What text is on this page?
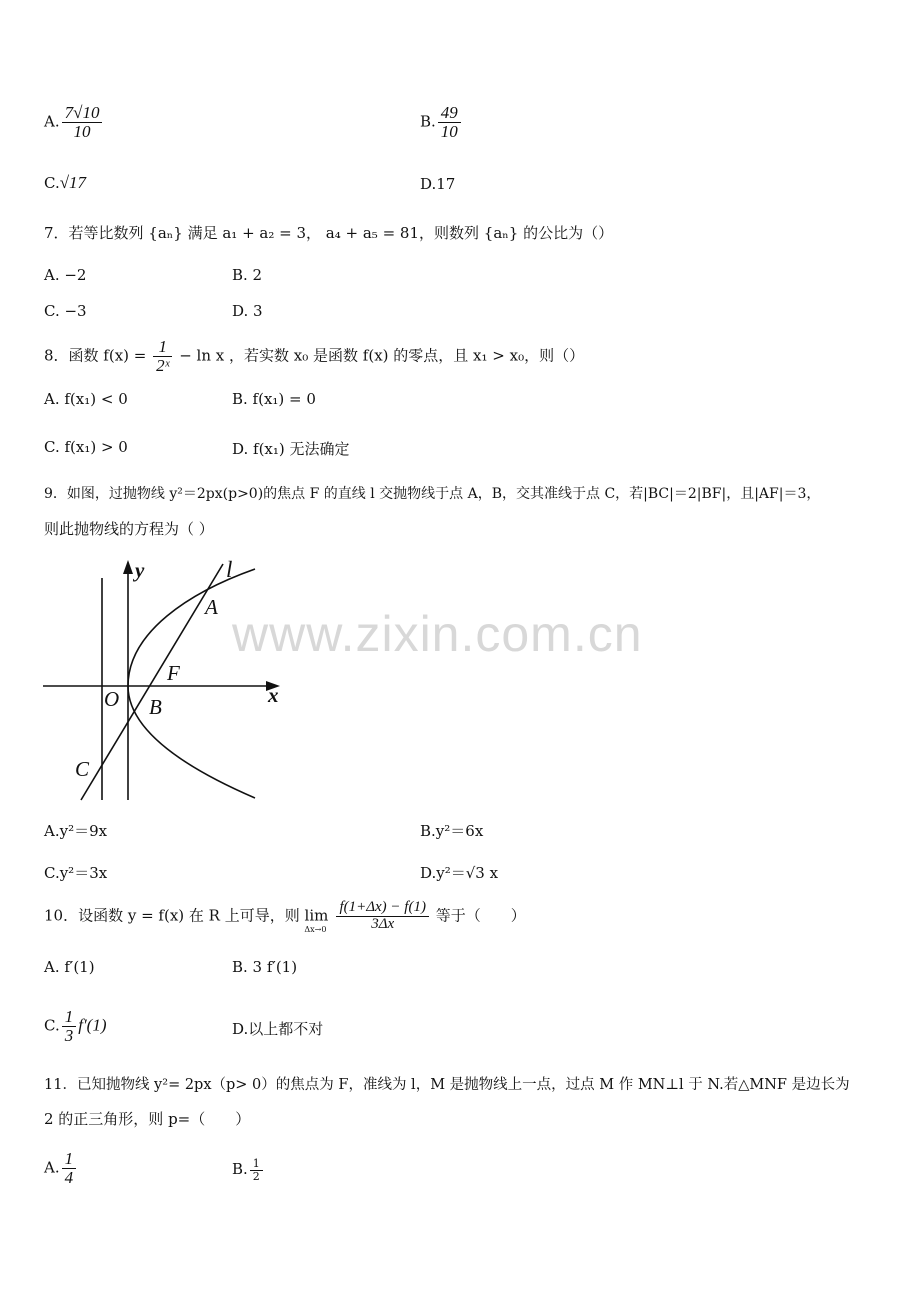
A. $\frac{7√10}{10}$	B. $\frac{49}{10}$
C.√17	D.17
7．若等比数列 {aₙ} 满足 a₁ + a₂ = 3， a₄ + a₅ = 81，则数列 {aₙ} 的公比为（）
A. −2	B. 2
C. −3	D. 3
8．函数 $f(x) = \frac{1}{\text{2ˣ}} - \ln x$ ，若实数 x₀ 是函数 f(x) 的零点，且 x₁ > x₀，则（）
A. f(x₁) < 0	B. f(x₁) = 0
C. f(x₁) > 0	D. f(x₁) 无法确定
9．如图，过抛物线 y²＝2px(p>0)的焦点 F 的直线 l 交抛物线于点 A，B，交其准线于点 C，若|BC|＝2|BF|，且|AF|＝3，
则此抛物线的方程为（ ）
y	l
A
F
O B	x
C
A.y²＝9x	B.y²＝6x
C.y²＝3x	D.y²＝√3 x
10．设函数 y = f(x) 在 R 上可导，则 $\lim_{\Delta x\to 0} \frac{f(1+\Delta x) - f(1)}{3\Delta x}$ 等于（　　）
A. f′(1)	B. 3 f′(1)
C. $\frac{1}{3} f'(1)$	D.以上都不对
11．已知抛物线 y²= 2px（p> 0）的焦点为 F，准线为 l，M 是抛物线上一点，过点 M 作 MN⊥l 于 N.若△MNF 是边长为
2 的正三角形，则 p=（　　）
A. $\frac{1}{4}$	B. $\frac{1}{2}$
www.zixin.com.cn
